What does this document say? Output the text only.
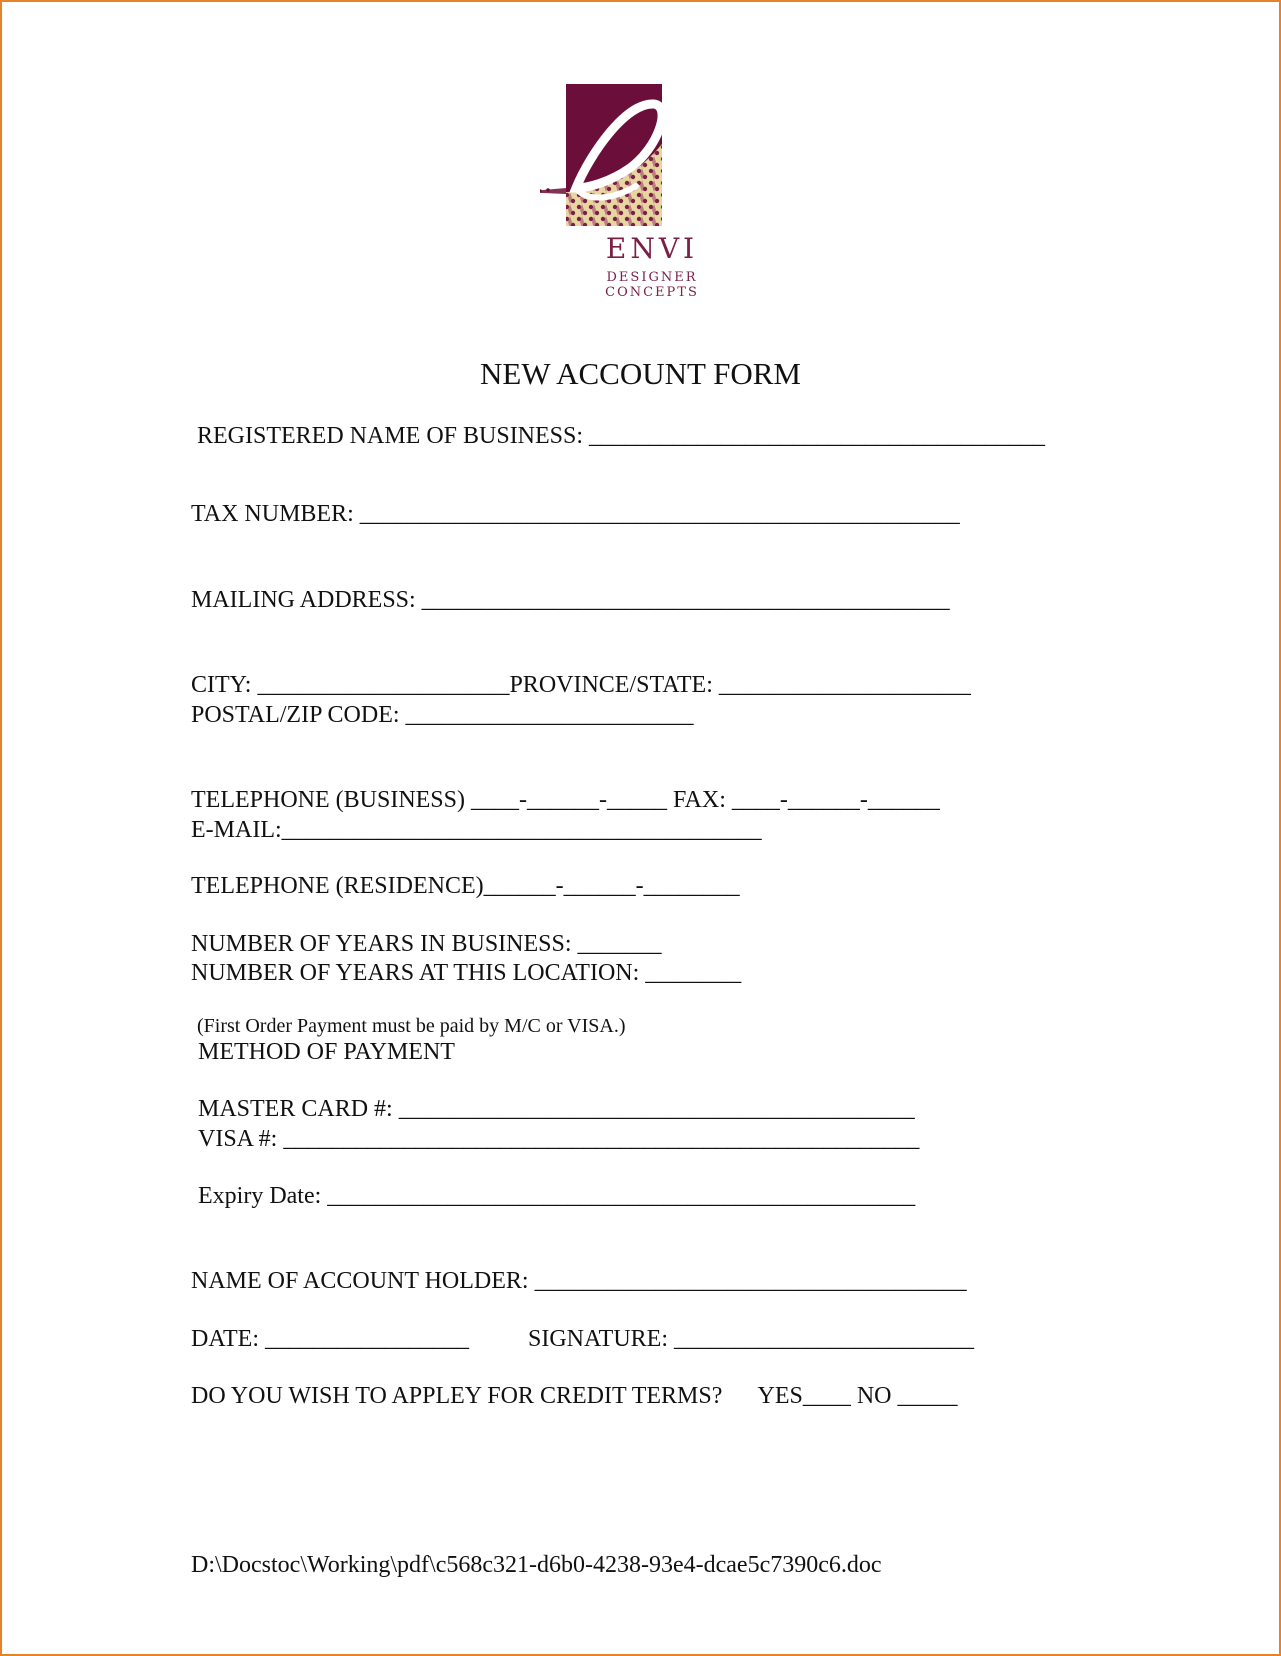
ENVI
DESIGNER
CONCEPTS
NEW ACCOUNT FORM
REGISTERED NAME OF BUSINESS: ______________________________________
TAX NUMBER: __________________________________________________
MAILING ADDRESS: ____________________________________________
CITY: _____________________PROVINCE/STATE: _____________________
POSTAL/ZIP CODE: ________________________
TELEPHONE (BUSINESS) ____-______-_____ FAX: ____-______-______
E-MAIL:________________________________________
TELEPHONE (RESIDENCE)______-______-________
NUMBER OF YEARS IN BUSINESS: _______
NUMBER OF YEARS AT THIS LOCATION: ________
(First Order Payment must be paid by M/C or VISA.)
METHOD OF PAYMENT
MASTER CARD #: ___________________________________________
VISA #: _____________________________________________________
Expiry Date: _________________________________________________
NAME OF ACCOUNT HOLDER: ____________________________________
DATE: _________________ SIGNATURE: _________________________
DO YOU WISH TO APPLEY FOR CREDIT TERMS?      YES____ NO _____
D:\Docstoc\Working\pdf\c568c321-d6b0-4238-93e4-dcae5c7390c6.doc
